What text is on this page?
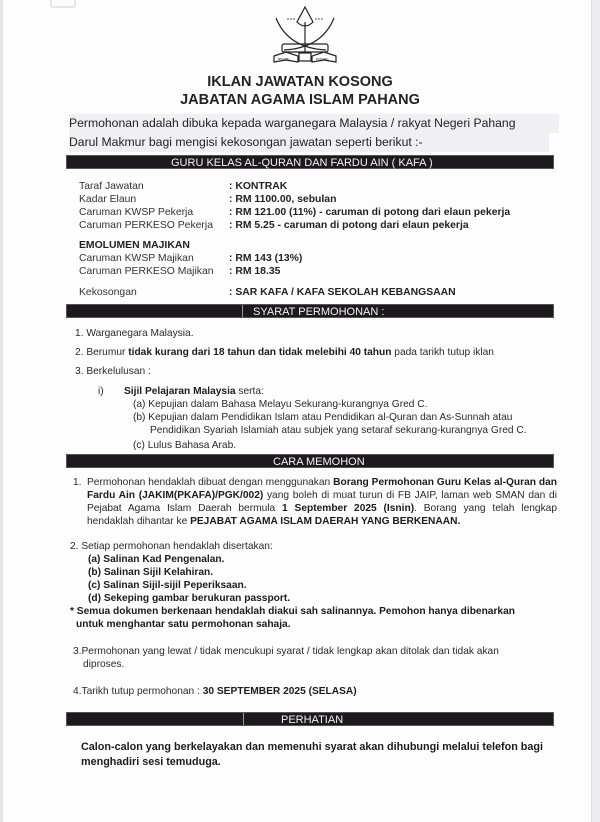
NEGERI	PAHANG
IKLAN JAWATAN KOSONG
JABATAN AGAMA ISLAM PAHANG
Permohonan adalah dibuka kepada warganegara Malaysia / rakyat Negeri Pahang
Darul Makmur bagi mengisi kekosongan jawatan seperti berikut :-
GURU KELAS AL-QURAN DAN FARDU AIN ( KAFA )
Taraf Jawatan	: KONTRAK
Kadar Elaun	: RM 1100.00, sebulan
Caruman KWSP Pekerja	: RM 121.00 (11%) - caruman di potong dari elaun pekerja
Caruman PERKESO Pekerja	: RM 5.25 - caruman di potong dari elaun pekerja
EMOLUMEN MAJIKAN
Caruman KWSP Majikan	: RM 143 (13%)
Caruman PERKESO Majikan	: RM 18.35
Kekosongan	: SAR KAFA / KAFA SEKOLAH KEBANGSAAN
SYARAT PERMOHONAN :
1. Warganegara Malaysia.
2. Berumur tidak kurang dari 18 tahun dan tidak melebihi 40 tahun pada tarikh tutup iklan
3. Berkelulusan :
i) Sijil Pelajaran Malaysia serta:
(a) Kepujian dalam Bahasa Melayu Sekurang-kurangnya Gred C.
(b) Kepujian dalam Pendidikan Islam atau Pendidikan al-Quran dan As-Sunnah atau
Pendidikan Syariah Islamiah atau subjek yang setaraf sekurang-kurangnya Gred C.
(c) Lulus Bahasa Arab.
CARA MEMOHON
1. Permohonan hendaklah dibuat dengan menggunakan Borang Permohonan Guru Kelas al-Quran dan Fardu Ain (JAKIM(PKAFA)/PGK/002) yang boleh di muat turun di FB JAIP, laman web SMAN dan di Pejabat Agama Islam Daerah bermula 1 September 2025 (Isnin). Borang yang telah lengkap hendaklah dihantar ke PEJABAT AGAMA ISLAM DAERAH YANG BERKENAAN.
2. Setiap permohonan hendaklah disertakan:
(a) Salinan Kad Pengenalan.
(b) Salinan Sijil Kelahiran.
(c) Salinan Sijil-sijil Peperiksaan.
(d) Sekeping gambar berukuran passport.
* Semua dokumen berkenaan hendaklah diakui sah salinannya. Pemohon hanya dibenarkan
untuk menghantar satu permohonan sahaja.
3.Permohonan yang lewat / tidak mencukupi syarat / tidak lengkap akan ditolak dan tidak akan
diproses.
4.Tarikh tutup permohonan : 30 SEPTEMBER 2025 (SELASA)
PERHATIAN
Calon-calon yang berkelayakan dan memenuhi syarat akan dihubungi melalui telefon bagi
menghadiri sesi temuduga.
